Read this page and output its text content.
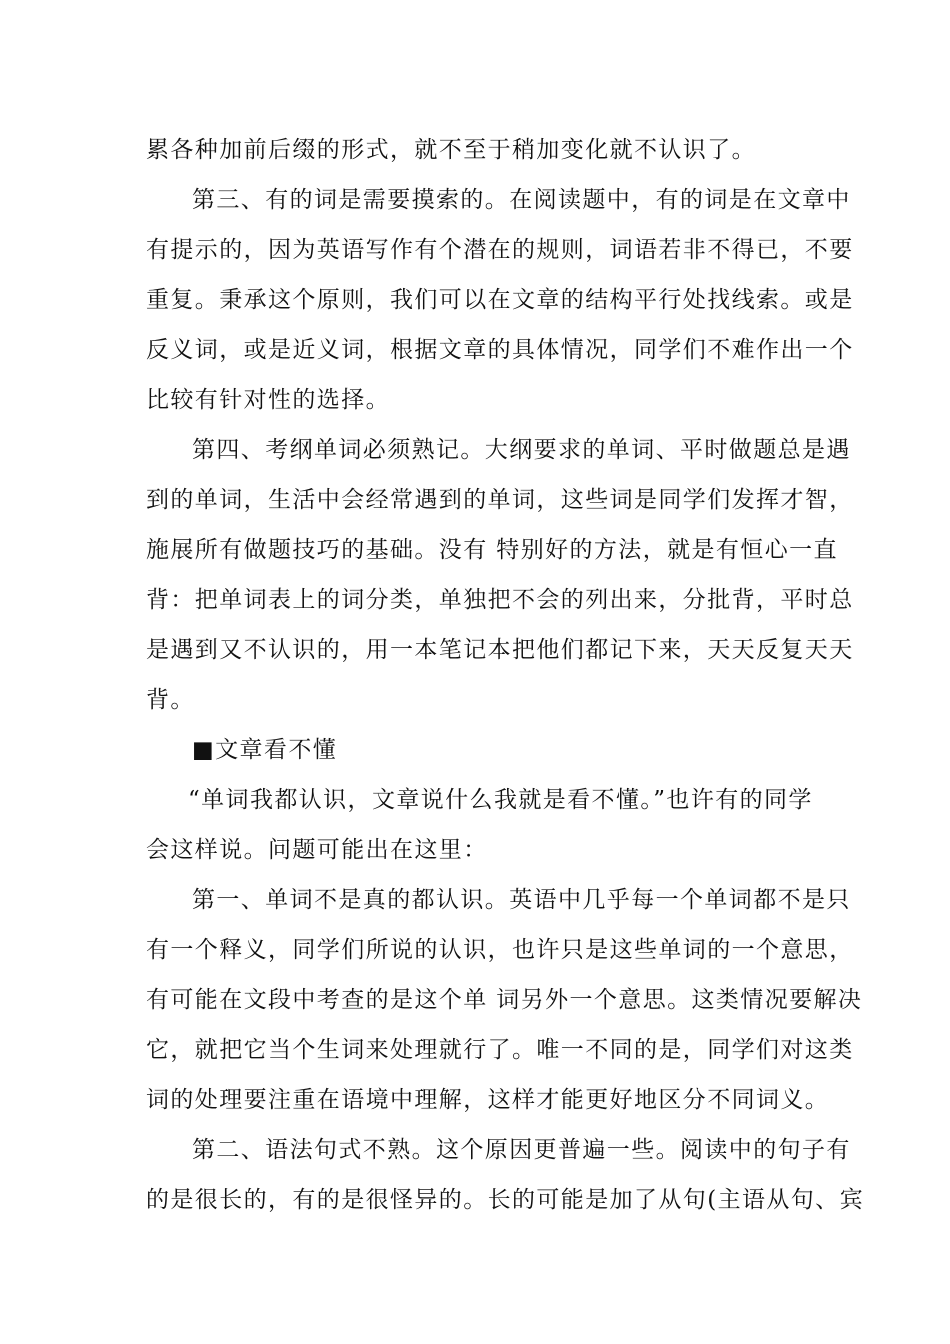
累各种加前后缀的形式，就不至于稍加变化就不认识了。
第三、有的词是需要摸索的。在阅读题中，有的词是在文章中
有提示的，因为英语写作有个潜在的规则，词语若非不得已，不要
重复。秉承这个原则，我们可以在文章的结构平行处找线索。或是
反义词，或是近义词，根据文章的具体情况，同学们不难作出一个
比较有针对性的选择。
第四、考纲单词必须熟记。大纲要求的单词、平时做题总是遇
到的单词，生活中会经常遇到的单词，这些词是同学们发挥才智，
施展所有做题技巧的基础。没有 特别好的方法，就是有恒心一直
背：把单词表上的词分类，单独把不会的列出来，分批背，平时总
是遇到又不认识的，用一本笔记本把他们都记下来，天天反复天天
背。
■文章看不懂
“单词我都认识，文章说什么我就是看不懂。”也许有的同学
会这样说。问题可能出在这里：
第一、单词不是真的都认识。英语中几乎每一个单词都不是只
有一个释义，同学们所说的认识，也许只是这些单词的一个意思，
有可能在文段中考查的是这个单 词另外一个意思。这类情况要解决
它，就把它当个生词来处理就行了。唯一不同的是，同学们对这类
词的处理要注重在语境中理解，这样才能更好地区分不同词义。
第二、语法句式不熟。这个原因更普遍一些。阅读中的句子有
的是很长的，有的是很怪异的。长的可能是加了从句(主语从句、宾
